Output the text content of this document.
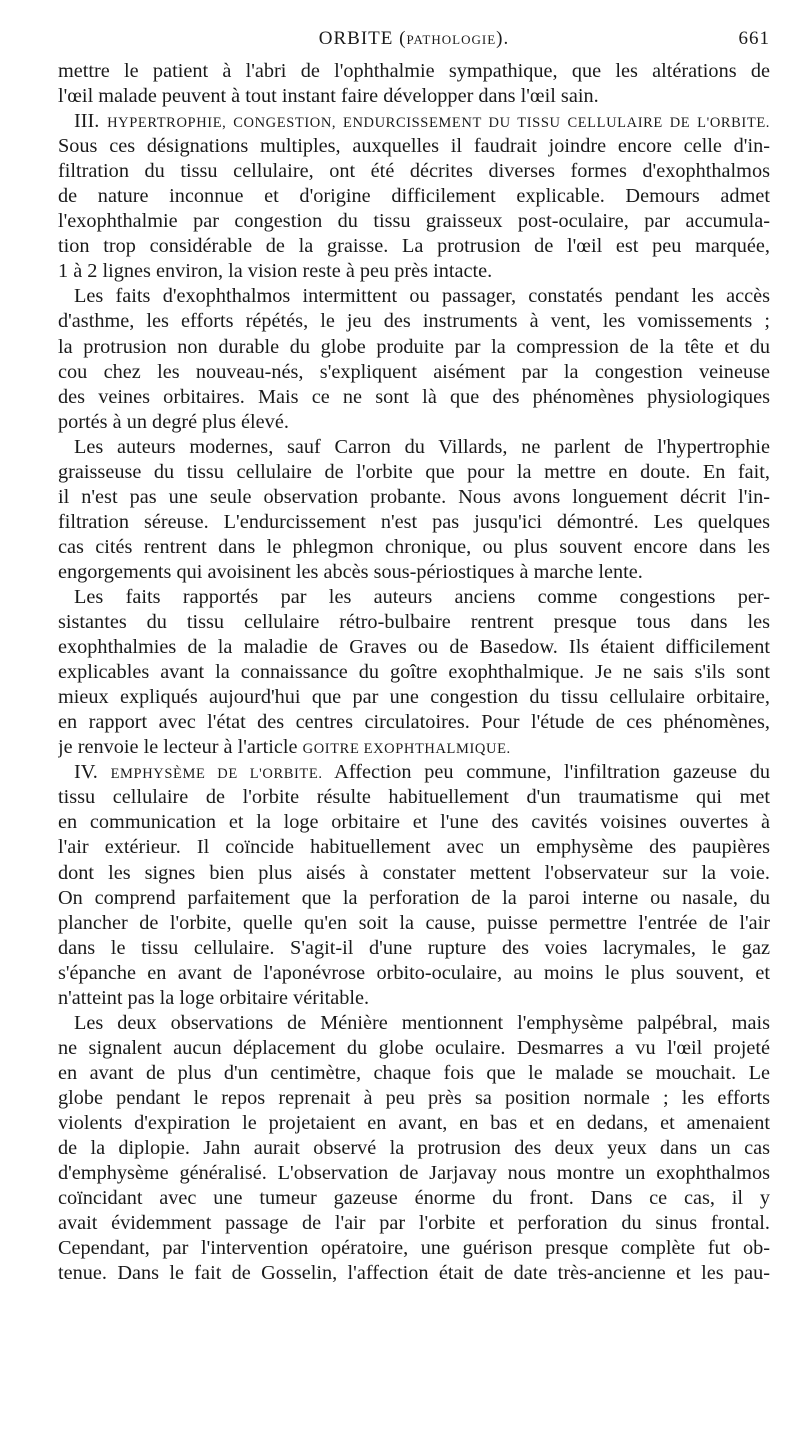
ORBITE (PATHOLOGIE).	661
mettre le patient à l'abri de l'ophthalmie sympathique, que les altérations de
l'œil malade peuvent à tout instant faire développer dans l'œil sain.
III. HYPERTROPHIE, CONGESTION, ENDURCISSEMENT DU TISSU CELLULAIRE DE L'ORBITE.
Sous ces désignations multiples, auxquelles il faudrait joindre encore celle d'in-
filtration du tissu cellulaire, ont été décrites diverses formes d'exophthalmos
de nature inconnue et d'origine difficilement explicable. Demours admet
l'exophthalmie par congestion du tissu graisseux post-oculaire, par accumula-
tion trop considérable de la graisse. La protrusion de l'œil est peu marquée,
1 à 2 lignes environ, la vision reste à peu près intacte.
Les faits d'exophthalmos intermittent ou passager, constatés pendant les accès
d'asthme, les efforts répétés, le jeu des instruments à vent, les vomissements ;
la protrusion non durable du globe produite par la compression de la tête et du
cou chez les nouveau-nés, s'expliquent aisément par la congestion veineuse
des veines orbitaires. Mais ce ne sont là que des phénomènes physiologiques
portés à un degré plus élevé.
Les auteurs modernes, sauf Carron du Villards, ne parlent de l'hypertrophie
graisseuse du tissu cellulaire de l'orbite que pour la mettre en doute. En fait,
il n'est pas une seule observation probante. Nous avons longuement décrit l'in-
filtration séreuse. L'endurcissement n'est pas jusqu'ici démontré. Les quelques
cas cités rentrent dans le phlegmon chronique, ou plus souvent encore dans les
engorgements qui avoisinent les abcès sous-périostiques à marche lente.
Les faits rapportés par les auteurs anciens comme congestions per-
sistantes du tissu cellulaire rétro-bulbaire rentrent presque tous dans les
exophthalmies de la maladie de Graves ou de Basedow. Ils étaient difficilement
explicables avant la connaissance du goître exophthalmique. Je ne sais s'ils sont
mieux expliqués aujourd'hui que par une congestion du tissu cellulaire orbitaire,
en rapport avec l'état des centres circulatoires. Pour l'étude de ces phénomènes,
je renvoie le lecteur à l'article GOITRE EXOPHTHALMIQUE.
IV. EMPHYSÈME DE L'ORBITE. Affection peu commune, l'infiltration gazeuse du
tissu cellulaire de l'orbite résulte habituellement d'un traumatisme qui met
en communication et la loge orbitaire et l'une des cavités voisines ouvertes à
l'air extérieur. Il coïncide habituellement avec un emphysème des paupières
dont les signes bien plus aisés à constater mettent l'observateur sur la voie.
On comprend parfaitement que la perforation de la paroi interne ou nasale, du
plancher de l'orbite, quelle qu'en soit la cause, puisse permettre l'entrée de l'air
dans le tissu cellulaire. S'agit-il d'une rupture des voies lacrymales, le gaz
s'épanche en avant de l'aponévrose orbito-oculaire, au moins le plus souvent, et
n'atteint pas la loge orbitaire véritable.
Les deux observations de Ménière mentionnent l'emphysème palpébral, mais
ne signalent aucun déplacement du globe oculaire. Desmarres a vu l'œil projeté
en avant de plus d'un centimètre, chaque fois que le malade se mouchait. Le
globe pendant le repos reprenait à peu près sa position normale ; les efforts
violents d'expiration le projetaient en avant, en bas et en dedans, et amenaient
de la diplopie. Jahn aurait observé la protrusion des deux yeux dans un cas
d'emphysème généralisé. L'observation de Jarjavay nous montre un exophthalmos
coïncidant avec une tumeur gazeuse énorme du front. Dans ce cas, il y
avait évidemment passage de l'air par l'orbite et perforation du sinus frontal.
Cependant, par l'intervention opératoire, une guérison presque complète fut ob-
tenue. Dans le fait de Gosselin, l'affection était de date très-ancienne et les pau-
